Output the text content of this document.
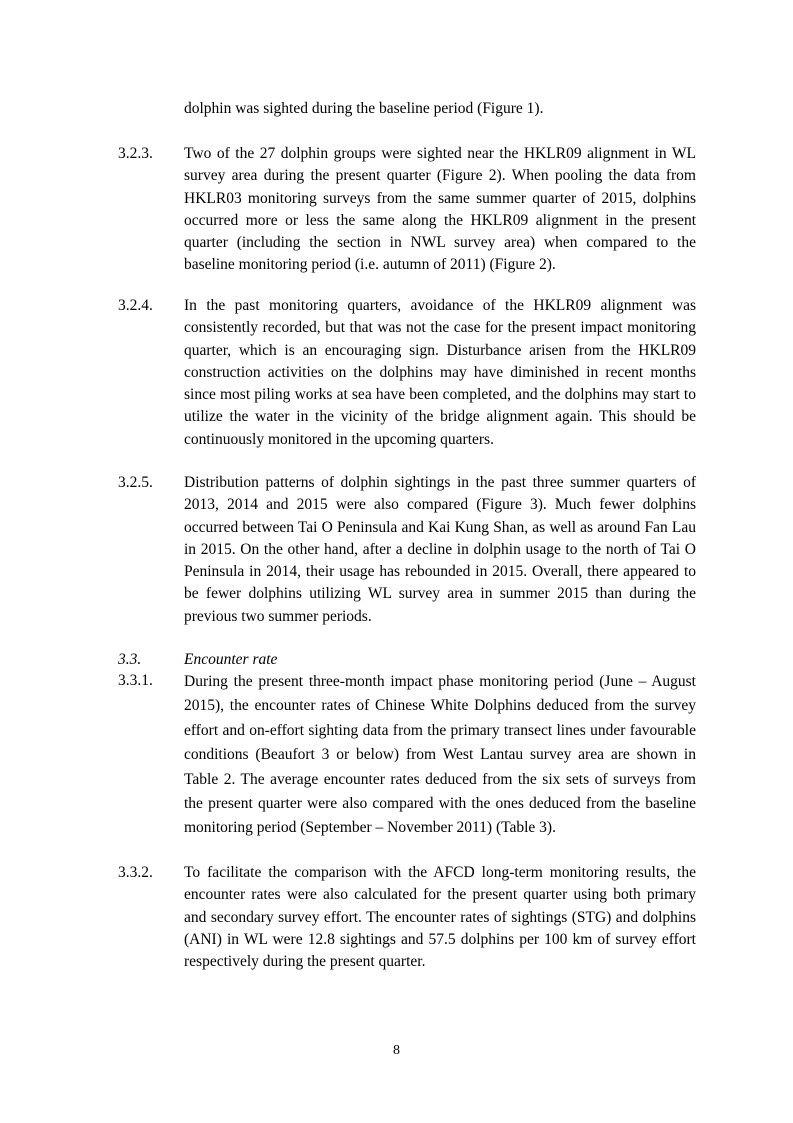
dolphin was sighted during the baseline period (Figure 1).
3.2.3. Two of the 27 dolphin groups were sighted near the HKLR09 alignment in WL survey area during the present quarter (Figure 2). When pooling the data from HKLR03 monitoring surveys from the same summer quarter of 2015, dolphins occurred more or less the same along the HKLR09 alignment in the present quarter (including the section in NWL survey area) when compared to the baseline monitoring period (i.e. autumn of 2011) (Figure 2).
3.2.4. In the past monitoring quarters, avoidance of the HKLR09 alignment was consistently recorded, but that was not the case for the present impact monitoring quarter, which is an encouraging sign. Disturbance arisen from the HKLR09 construction activities on the dolphins may have diminished in recent months since most piling works at sea have been completed, and the dolphins may start to utilize the water in the vicinity of the bridge alignment again. This should be continuously monitored in the upcoming quarters.
3.2.5. Distribution patterns of dolphin sightings in the past three summer quarters of 2013, 2014 and 2015 were also compared (Figure 3). Much fewer dolphins occurred between Tai O Peninsula and Kai Kung Shan, as well as around Fan Lau in 2015. On the other hand, after a decline in dolphin usage to the north of Tai O Peninsula in 2014, their usage has rebounded in 2015. Overall, there appeared to be fewer dolphins utilizing WL survey area in summer 2015 than during the previous two summer periods.
3.3.	Encounter rate
3.3.1. During the present three-month impact phase monitoring period (June – August 2015), the encounter rates of Chinese White Dolphins deduced from the survey effort and on-effort sighting data from the primary transect lines under favourable conditions (Beaufort 3 or below) from West Lantau survey area are shown in Table 2. The average encounter rates deduced from the six sets of surveys from the present quarter were also compared with the ones deduced from the baseline monitoring period (September – November 2011) (Table 3).
3.3.2. To facilitate the comparison with the AFCD long-term monitoring results, the encounter rates were also calculated for the present quarter using both primary and secondary survey effort. The encounter rates of sightings (STG) and dolphins (ANI) in WL were 12.8 sightings and 57.5 dolphins per 100 km of survey effort respectively during the present quarter.
8
